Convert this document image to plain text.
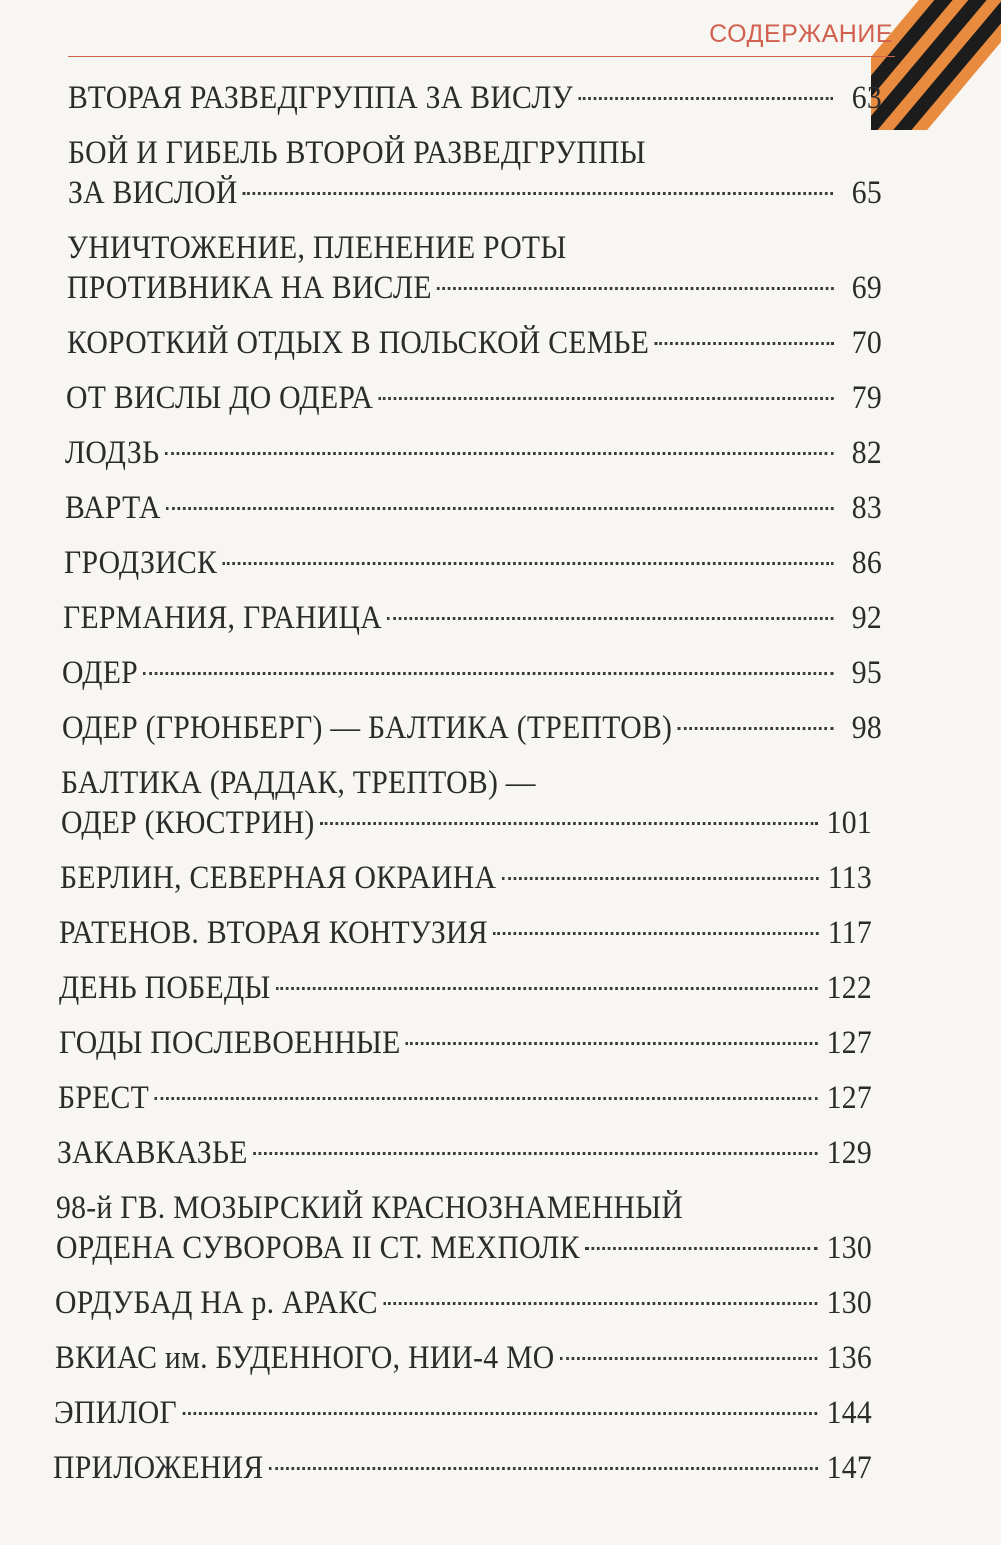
СОДЕРЖАНИЕ
ВТОРАЯ РАЗВЕДГРУППА ЗА ВИСЛУ	63
БОЙ И ГИБЕЛЬ ВТОРОЙ РАЗВЕДГРУППЫ
ЗА ВИСЛОЙ	65
УНИЧТОЖЕНИЕ, ПЛЕНЕНИЕ РОТЫ
ПРОТИВНИКА НА ВИСЛЕ	69
КОРОТКИЙ ОТДЫХ В ПОЛЬСКОЙ СЕМЬЕ	70
ОТ ВИСЛЫ ДО ОДЕРА	79
ЛОДЗЬ	82
ВАРТА	83
ГРОДЗИСК	86
ГЕРМАНИЯ, ГРАНИЦА	92
ОДЕР	95
ОДЕР (ГРЮНБЕРГ) — БАЛТИКА (ТРЕПТОВ)	98
БАЛТИКА (РАДДАК, ТРЕПТОВ) —
ОДЕР (КЮСТРИН)	101
БЕРЛИН, СЕВЕРНАЯ ОКРАИНА	113
РАТЕНОВ. ВТОРАЯ КОНТУЗИЯ	117
ДЕНЬ ПОБЕДЫ	122
ГОДЫ ПОСЛЕВОЕННЫЕ	127
БРЕСТ	127
ЗАКАВКАЗЬЕ	129
98-й ГВ. МОЗЫРСКИЙ КРАСНОЗНАМЕННЫЙ
ОРДЕНА СУВОРОВА II СТ. МЕХПОЛК	130
ОРДУБАД НА р. АРАКС	130
ВКИАС им. БУДЕННОГО, НИИ-4 МО	136
ЭПИЛОГ	144
ПРИЛОЖЕНИЯ	147
